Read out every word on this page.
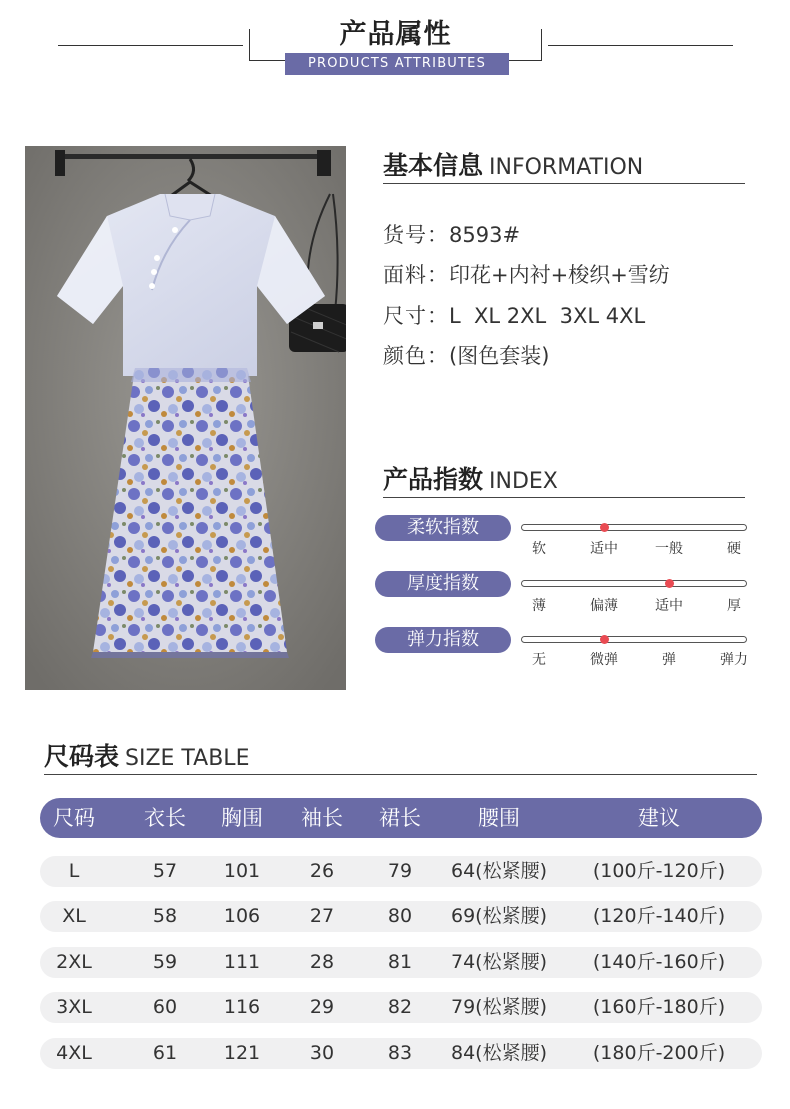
产品属性
PRODUCTS ATTRIBUTES
基本信息 INFORMATION
货号：8593#
面料：印花+内衬+梭织+雪纺
尺寸：L  XL 2XL  3XL 4XL
颜色：(图色套装)
产品指数 INDEX
柔软指数
软	适中	一般	硬
厚度指数
薄	偏薄	适中	厚
弹力指数
无	微弹	弹	弹力
尺码表 SIZE TABLE
尺码	衣长	胸围	袖长	裙长	腰围	建议
L	57	101	26	79	64(松紧腰)	(100斤-120斤)
XL	58	106	27	80	69(松紧腰)	(120斤-140斤)
2XL	59	111	28	81	74(松紧腰)	(140斤-160斤)
3XL	60	116	29	82	79(松紧腰)	(160斤-180斤)
4XL	61	121	30	83	84(松紧腰)	(180斤-200斤)
